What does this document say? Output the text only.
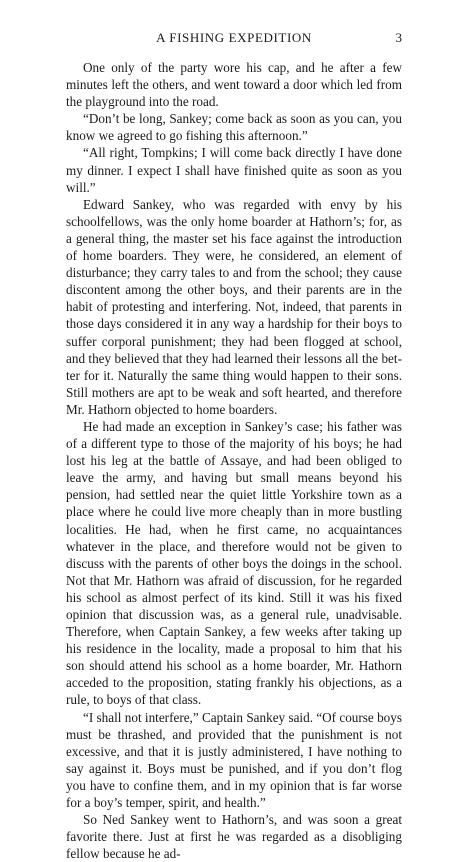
A FISHING EXPEDITION	3

One only of the party wore his cap, and he after a few minutes left the others, and went toward a door which led from the playground into the road.

“Don’t be long, Sankey; come back as soon as you can, you know we agreed to go fishing this afternoon.”

“All right, Tompkins; I will come back directly I have done my dinner. I expect I shall have finished quite as soon as you will.”

Edward Sankey, who was regarded with envy by his schoolfellows, was the only home boarder at Hathorn’s; for, as a general thing, the master set his face against the introduction of home boarders. They were, he considered, an element of disturbance; they carry tales to and from the school; they cause discontent among the other boys, and their parents are in the habit of protesting and interfering. Not, indeed, that parents in those days considered it in any way a hardship for their boys to suffer corporal punishment; they had been flogged at school, and they believed that they had learned their lessons all the better for it. Naturally the same thing would happen to their sons. Still mothers are apt to be weak and soft hearted, and therefore Mr. Hathorn objected to home boarders.

He had made an exception in Sankey’s case; his father was of a different type to those of the majority of his boys; he had lost his leg at the battle of Assaye, and had been obliged to leave the army, and having but small means beyond his pension, had settled near the quiet little Yorkshire town as a place where he could live more cheaply than in more bustling localities. He had, when he first came, no acquaintances whatever in the place, and therefore would not be given to discuss with the parents of other boys the doings in the school. Not that Mr. Hathorn was afraid of discussion, for he regarded his school as almost perfect of its kind. Still it was his fixed opinion that discussion was, as a general rule, unadvisable. Therefore, when Captain Sankey, a few weeks after taking up his residence in the locality, made a proposal to him that his son should attend his school as a home boarder, Mr. Hathorn acceded to the proposition, stating frankly his objections, as a rule, to boys of that class.

“I shall not interfere,” Captain Sankey said. “Of course boys must be thrashed, and provided that the punishment is not excessive, and that it is justly administered, I have nothing to say against it. Boys must be punished, and if you don’t flog you have to confine them, and in my opinion that is far worse for a boy’s temper, spirit, and health.”

So Ned Sankey went to Hathorn’s, and was soon a great favorite there. Just at first he was regarded as a disobliging fellow because he ad-
